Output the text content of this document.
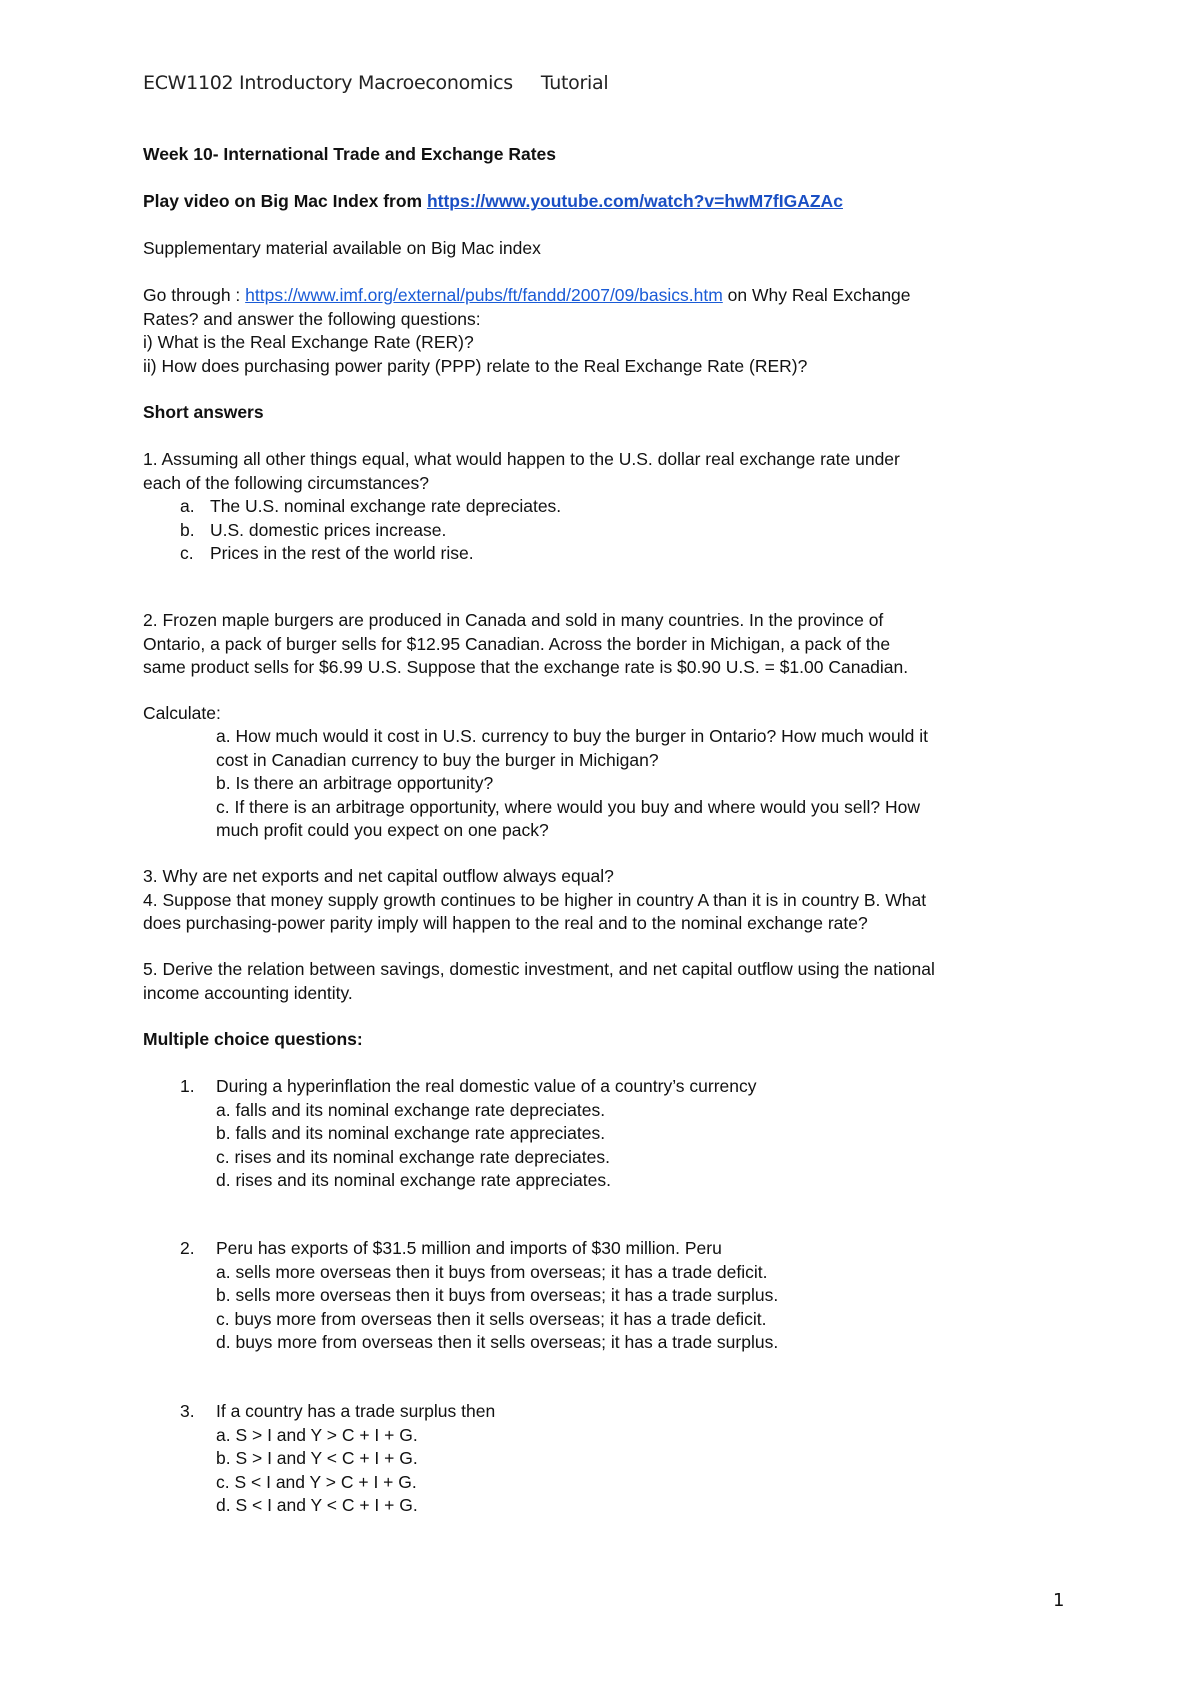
ECW1102 Introductory Macroeconomics Tutorial
Week 10- International Trade and Exchange Rates
Play video on Big Mac Index from https://www.youtube.com/watch?v=hwM7fIGAZAc
Supplementary material available on Big Mac index
Go through : https://www.imf.org/external/pubs/ft/fandd/2007/09/basics.htm on Why Real Exchange
Rates? and answer the following questions:
i) What is the Real Exchange Rate (RER)?
ii) How does purchasing power parity (PPP) relate to the Real Exchange Rate (RER)?
Short answers
1. Assuming all other things equal, what would happen to the U.S. dollar real exchange rate under
each of the following circumstances?
a. The U.S. nominal exchange rate depreciates.
b. U.S. domestic prices increase.
c. Prices in the rest of the world rise.
2. Frozen maple burgers are produced in Canada and sold in many countries. In the province of
Ontario, a pack of burger sells for $12.95 Canadian. Across the border in Michigan, a pack of the
same product sells for $6.99 U.S. Suppose that the exchange rate is $0.90 U.S. = $1.00 Canadian.
Calculate:
a. How much would it cost in U.S. currency to buy the burger in Ontario? How much would it
cost in Canadian currency to buy the burger in Michigan?
b. Is there an arbitrage opportunity?
c. If there is an arbitrage opportunity, where would you buy and where would you sell? How
much profit could you expect on one pack?
3. Why are net exports and net capital outflow always equal?
4. Suppose that money supply growth continues to be higher in country A than it is in country B. What
does purchasing-power parity imply will happen to the real and to the nominal exchange rate?
5. Derive the relation between savings, domestic investment, and net capital outflow using the national
income accounting identity.
Multiple choice questions:
1. During a hyperinflation the real domestic value of a country’s currency
a. falls and its nominal exchange rate depreciates.
b. falls and its nominal exchange rate appreciates.
c. rises and its nominal exchange rate depreciates.
d. rises and its nominal exchange rate appreciates.
2. Peru has exports of $31.5 million and imports of $30 million. Peru
a. sells more overseas then it buys from overseas; it has a trade deficit.
b. sells more overseas then it buys from overseas; it has a trade surplus.
c. buys more from overseas then it sells overseas; it has a trade deficit.
d. buys more from overseas then it sells overseas; it has a trade surplus.
3. If a country has a trade surplus then
a. S > I and Y > C + I + G.
b. S > I and Y < C + I + G.
c. S < I and Y > C + I + G.
d. S < I and Y < C + I + G.
1
